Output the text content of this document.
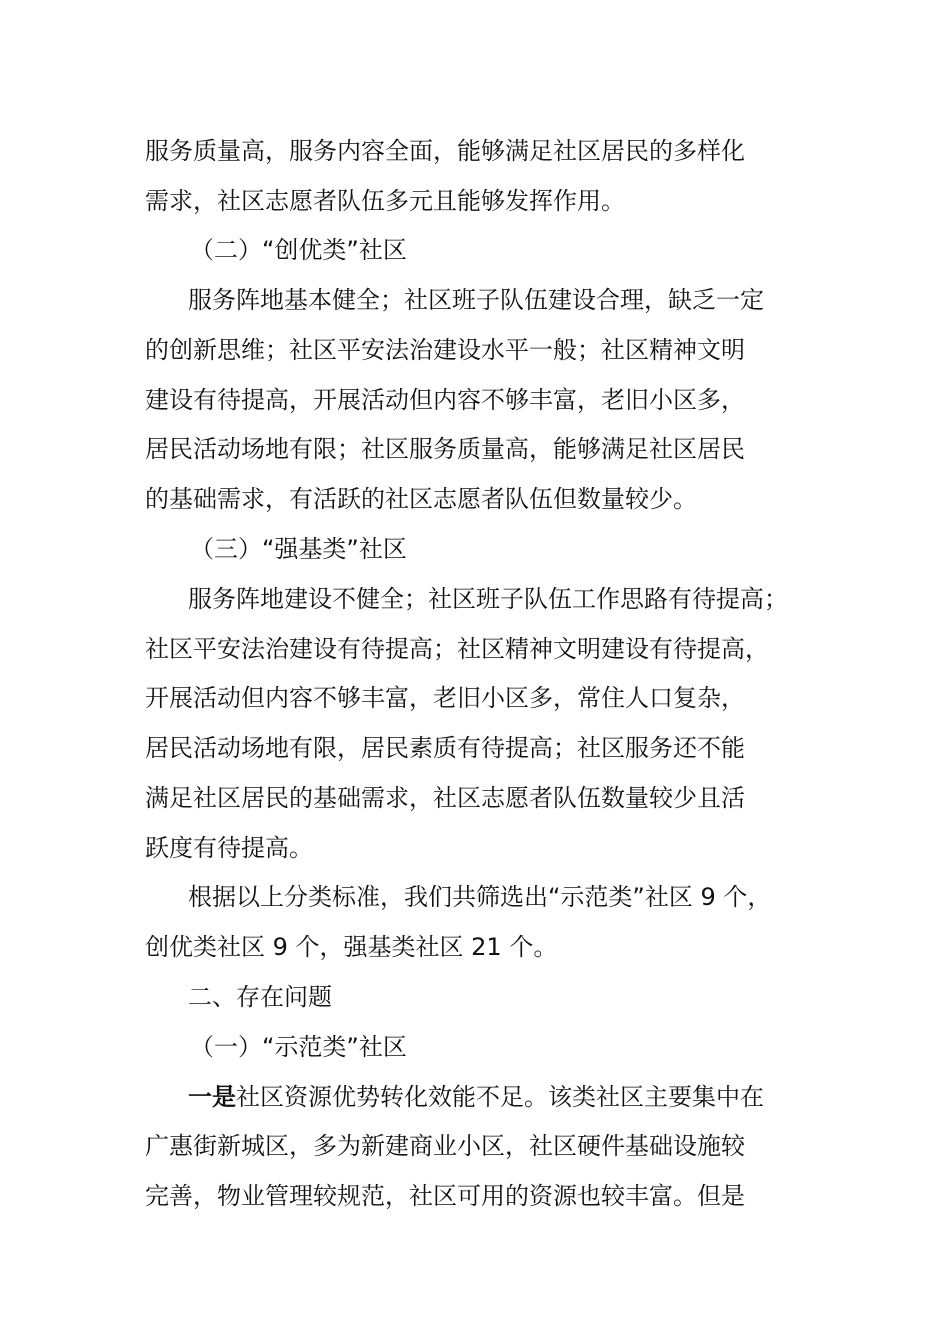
服务质量高，服务内容全面，能够满足社区居民的多样化
需求，社区志愿者队伍多元且能够发挥作用。
（二）“创优类”社区
服务阵地基本健全；社区班子队伍建设合理，缺乏一定
的创新思维；社区平安法治建设水平一般；社区精神文明
建设有待提高，开展活动但内容不够丰富，老旧小区多，
居民活动场地有限；社区服务质量高，能够满足社区居民
的基础需求，有活跃的社区志愿者队伍但数量较少。
（三）“强基类”社区
服务阵地建设不健全；社区班子队伍工作思路有待提高；
社区平安法治建设有待提高；社区精神文明建设有待提高，
开展活动但内容不够丰富，老旧小区多，常住人口复杂，
居民活动场地有限，居民素质有待提高；社区服务还不能
满足社区居民的基础需求，社区志愿者队伍数量较少且活
跃度有待提高。
根据以上分类标准，我们共筛选出“示范类”社区 9 个，
创优类社区 9 个，强基类社区 21 个。
二、存在问题
（一）“示范类”社区
一是社区资源优势转化效能不足。该类社区主要集中在
广惠街新城区，多为新建商业小区，社区硬件基础设施较
完善，物业管理较规范，社区可用的资源也较丰富。但是
